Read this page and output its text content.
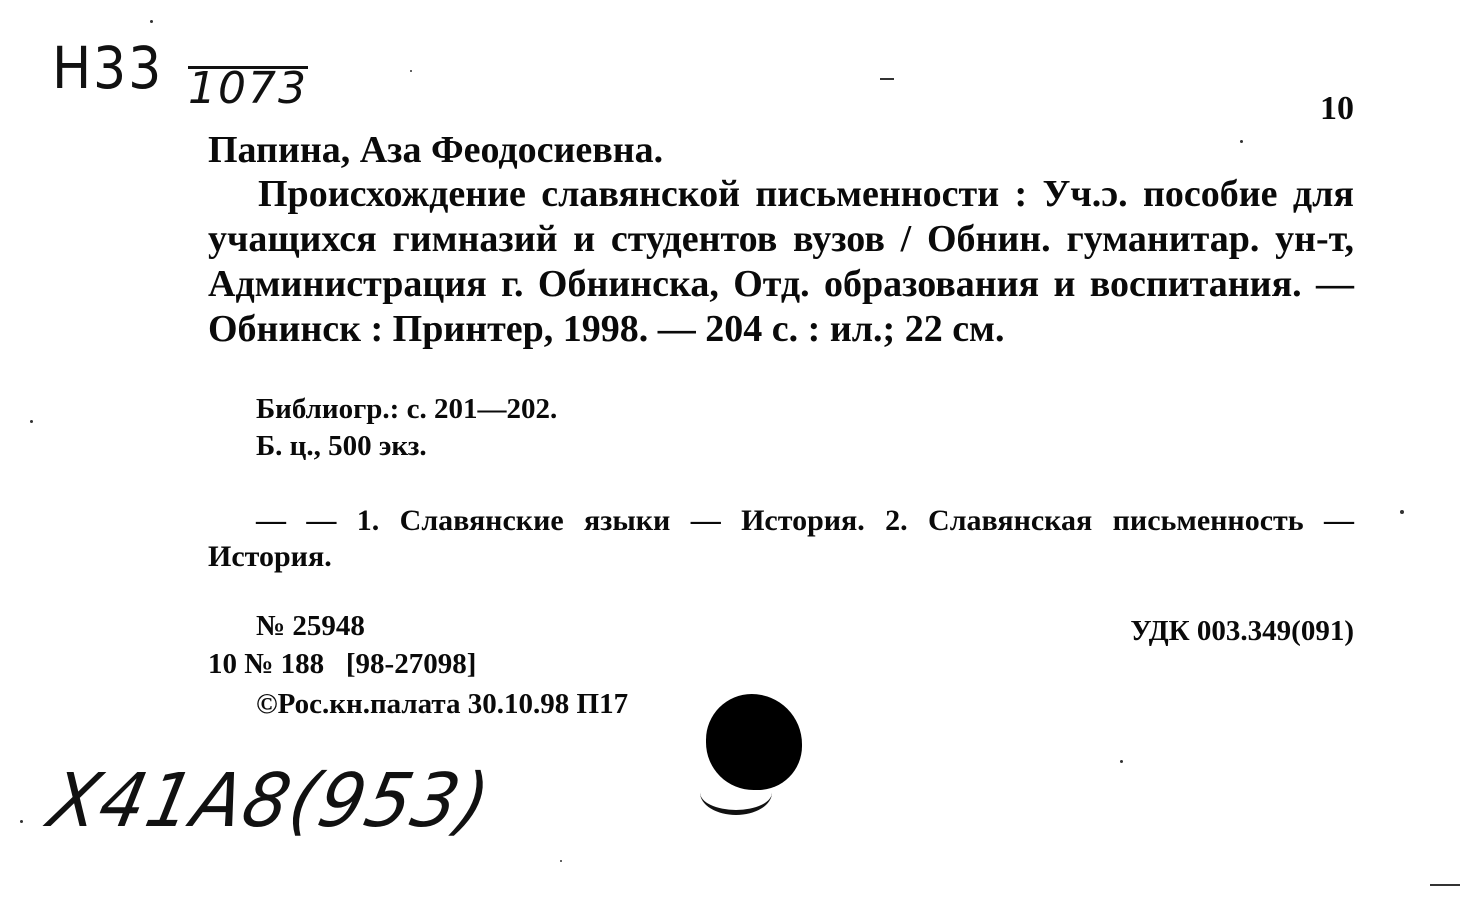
Н33 1073	10
Папина, Аза Феодосиевна.
Происхождение славянской письменности : Уч.ɔ. пособие для учащихся гимназий и студентов вузов / Обнин. гуманитар. ун-т, Администрация г. Обнинска, Отд. образования и воспитания. — Обнинск : Принтер, 1998. — 204 с. : ил.; 22 см.
Библиогр.: с. 201—202.
Б. ц., 500 экз.
— — 1. Славянские языки — История. 2. Славянская письменность — История.
№ 25948
10 № 188   [98-27098]
©Рос.кн.палата 30.10.98 П17
УДК 003.349(091)
Х41А8(953)
